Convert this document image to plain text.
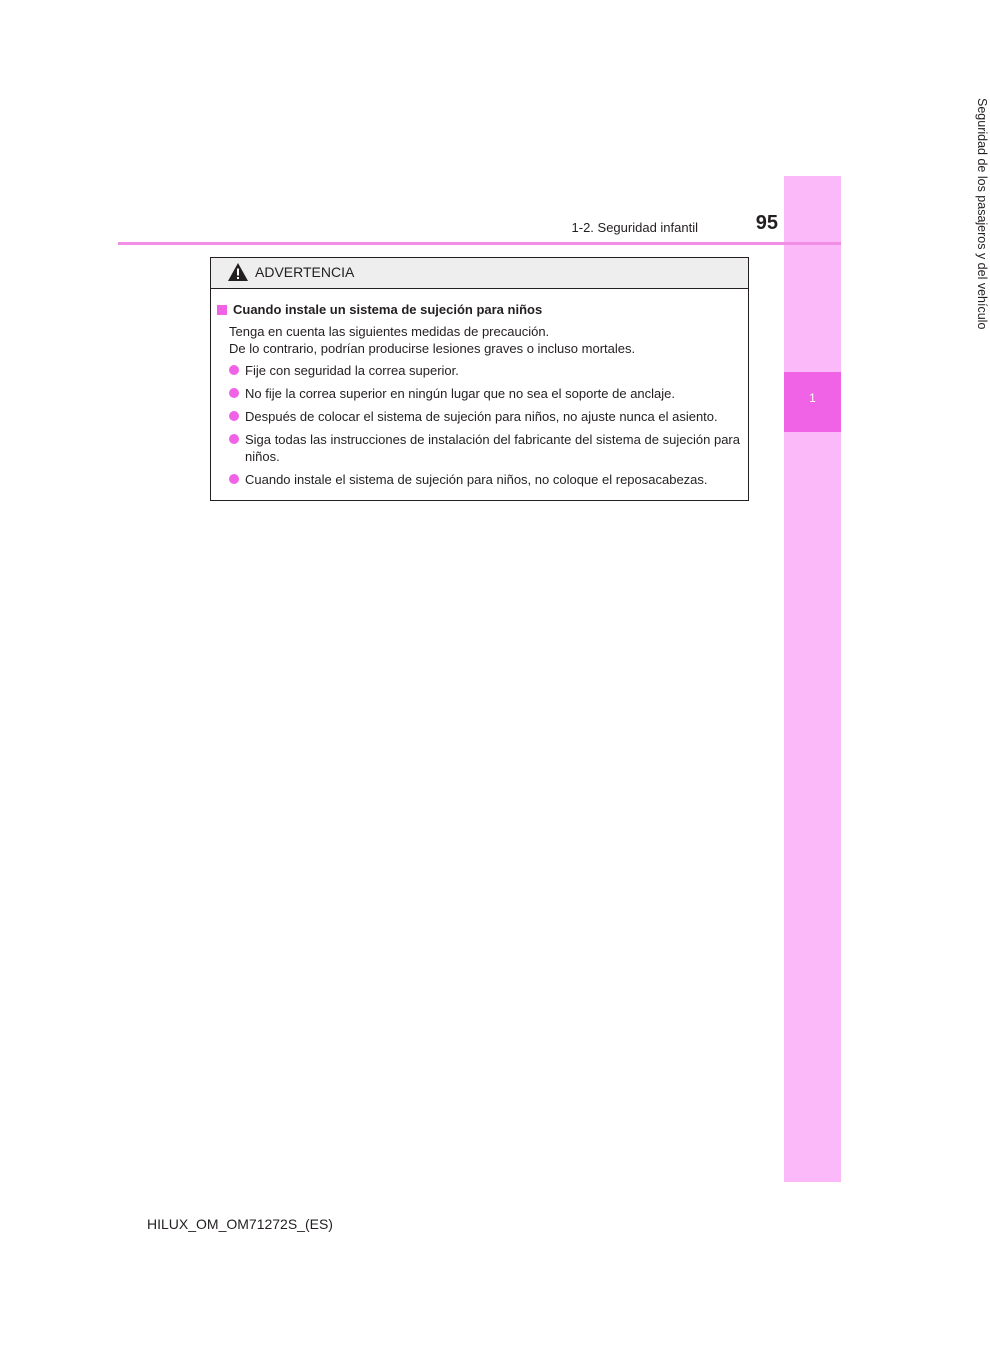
1
Seguridad de los pasajeros y del vehículo
1-2. Seguridad infantil	95
ADVERTENCIA
Cuando instale un sistema de sujeción para niños
Tenga en cuenta las siguientes medidas de precaución.
De lo contrario, podrían producirse lesiones graves o incluso mortales.
Fije con seguridad la correa superior.
No fije la correa superior en ningún lugar que no sea el soporte de anclaje.
Después de colocar el sistema de sujeción para niños, no ajuste nunca el asiento.
Siga todas las instrucciones de instalación del fabricante del sistema de sujeción para niños.
Cuando instale el sistema de sujeción para niños, no coloque el reposacabezas.
HILUX_OM_OM71272S_(ES)
